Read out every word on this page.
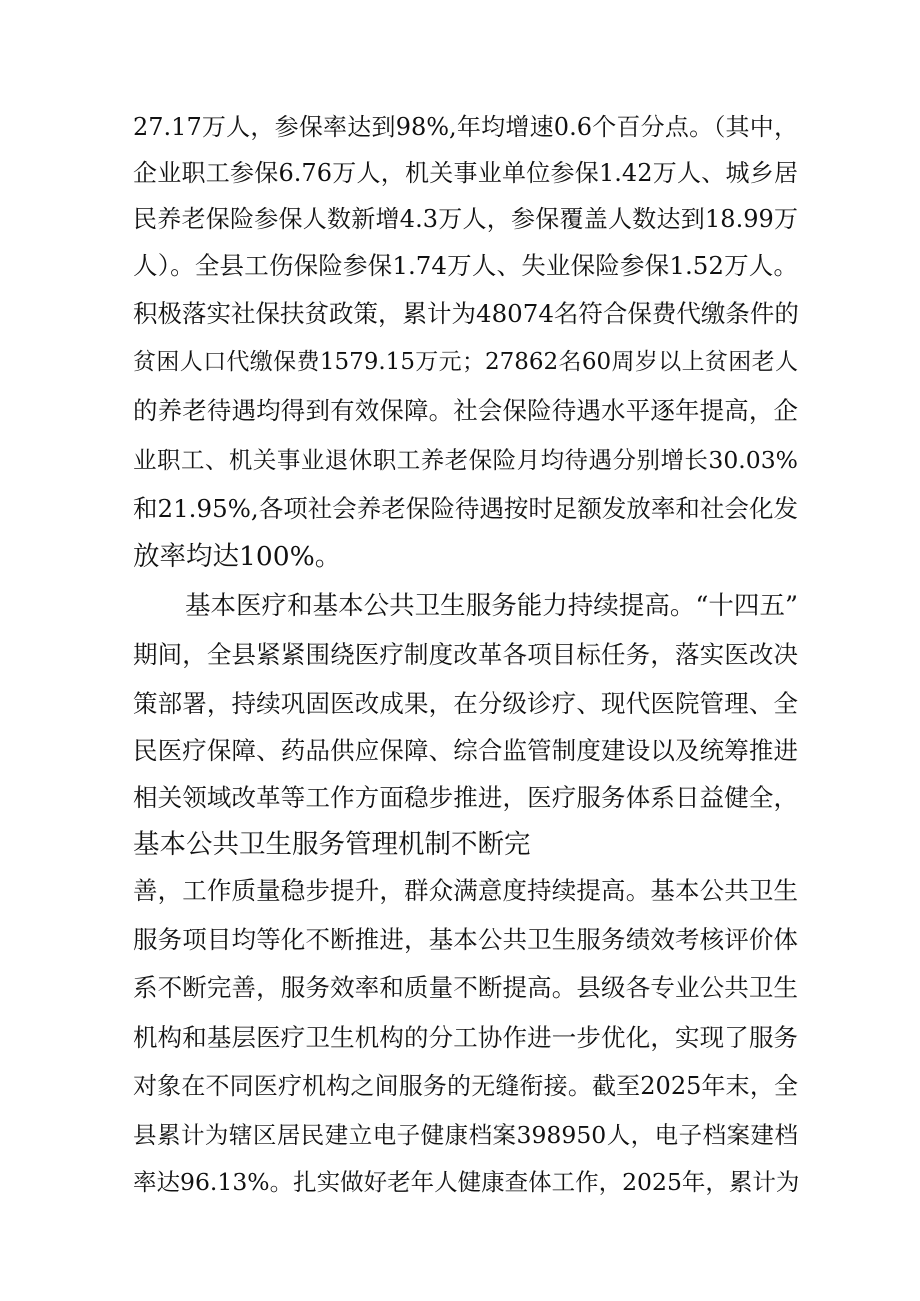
27.17万人，参保率达到98%,年均增速0.6个百分点。（其中，
企业职工参保6.76万人，机关事业单位参保1.42万人、城乡居
民养老保险参保人数新增4.3万人，参保覆盖人数达到18.99万
人）。全县工伤保险参保1.74万人、失业保险参保1.52万人。
积极落实社保扶贫政策，累计为48074名符合保费代缴条件的
贫困人口代缴保费1579.15万元；27862名60周岁以上贫困老人
的养老待遇均得到有效保障。社会保险待遇水平逐年提高，企
业职工、机关事业退休职工养老保险月均待遇分别增长30.03%
和21.95%,各项社会养老保险待遇按时足额发放率和社会化发
放率均达100%。
基本医疗和基本公共卫生服务能力持续提高。“十四五”
期间，全县紧紧围绕医疗制度改革各项目标任务，落实医改决
策部署，持续巩固医改成果，在分级诊疗、现代医院管理、全
民医疗保障、药品供应保障、综合监管制度建设以及统筹推进
相关领域改革等工作方面稳步推进，医疗服务体系日益健全，
基本公共卫生服务管理机制不断完
善，工作质量稳步提升，群众满意度持续提高。基本公共卫生
服务项目均等化不断推进，基本公共卫生服务绩效考核评价体
系不断完善，服务效率和质量不断提高。县级各专业公共卫生
机构和基层医疗卫生机构的分工协作进一步优化，实现了服务
对象在不同医疗机构之间服务的无缝衔接。截至2025年末，全
县累计为辖区居民建立电子健康档案398950人，电子档案建档
率达96.13%。扎实做好老年人健康查体工作，2025年，累计为
